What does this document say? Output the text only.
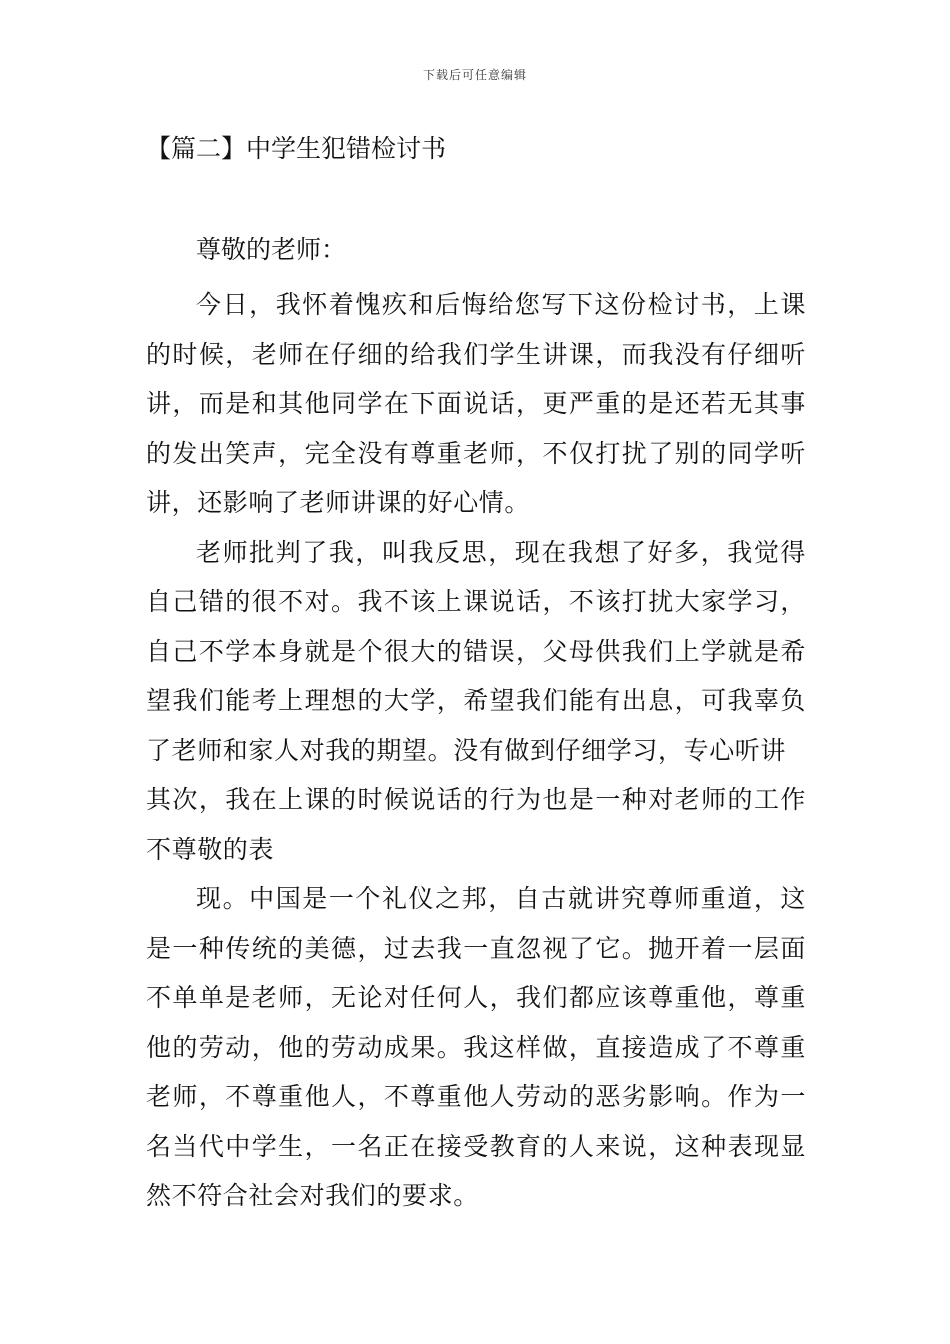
下载后可任意编辑
【篇二】中学生犯错检讨书

尊敬的老师：

今日，我怀着愧疚和后悔给您写下这份检讨书，上课的时候，老师在仔细的给我们学生讲课，而我没有仔细听讲，而是和其他同学在下面说话，更严重的是还若无其事的发出笑声，完全没有尊重老师，不仅打扰了别的同学听讲，还影响了老师讲课的好心情。

老师批判了我，叫我反思，现在我想了好多，我觉得自己错的很不对。我不该上课说话，不该打扰大家学习，自己不学本身就是个很大的错误，父母供我们上学就是希望我们能考上理想的大学，希望我们能有出息，可我辜负了老师和家人对我的期望。没有做到仔细学习，专心听讲

其次，我在上课的时候说话的行为也是一种对老师的工作不尊敬的表

现。中国是一个礼仪之邦，自古就讲究尊师重道，这是一种传统的美德，过去我一直忽视了它。抛开着一层面不单单是老师，无论对任何人，我们都应该尊重他，尊重他的劳动，他的劳动成果。我这样做，直接造成了不尊重老师，不尊重他人，不尊重他人劳动的恶劣影响。作为一名当代中学生，一名正在接受教育的人来说，这种表现显然不符合社会对我们的要求。
